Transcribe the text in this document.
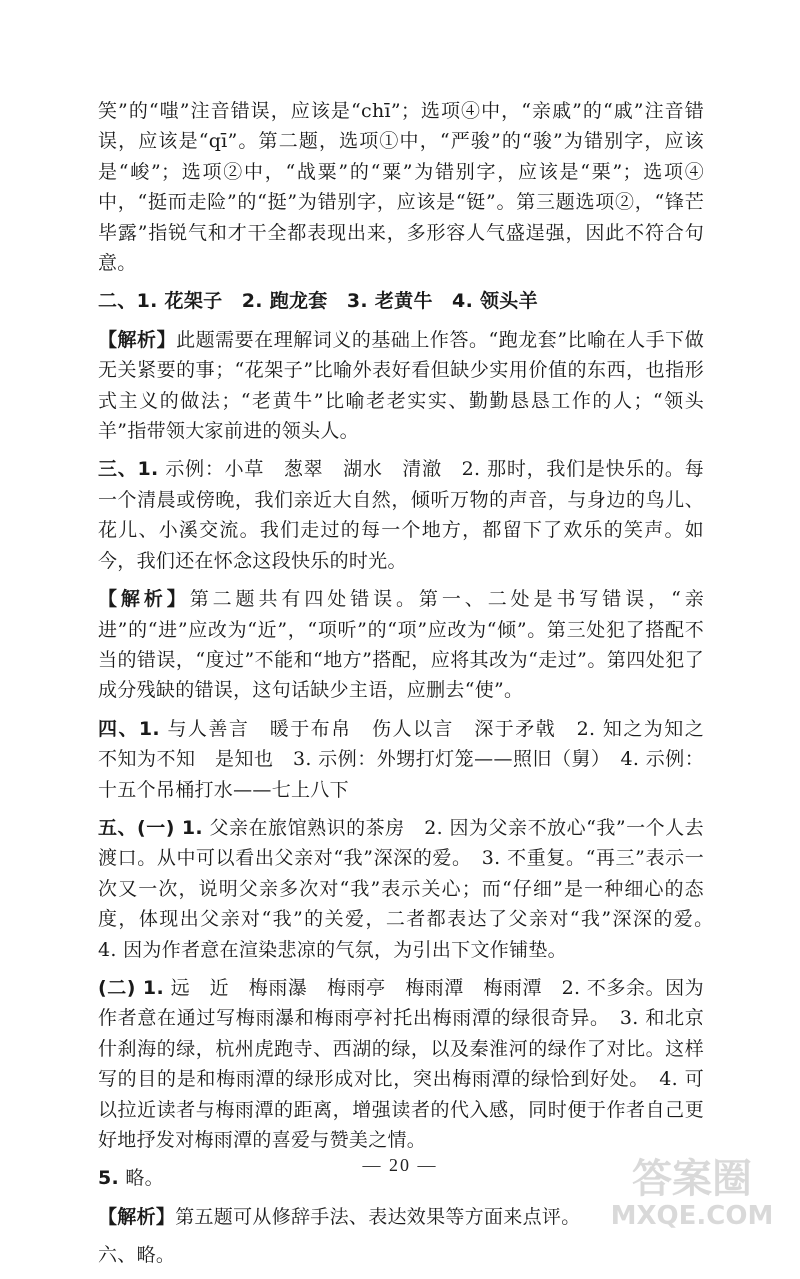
笑”的“嗤”注音错误，应该是“chī”；选项④中，“亲戚”的“戚”注音错误，应该是“qī”。第二题，选项①中，“严骏”的“骏”为错别字，应该是“峻”；选项②中，“战粟”的“粟”为错别字，应该是“栗”；选项④中，“挺而走险”的“挺”为错别字，应该是“铤”。第三题选项②，“锋芒毕露”指锐气和才干全都表现出来，多形容人气盛逞强，因此不符合句意。

二、1. 花架子　2. 跑龙套　3. 老黄牛　4. 领头羊

【解析】此题需要在理解词义的基础上作答。“跑龙套”比喻在人手下做无关紧要的事；“花架子”比喻外表好看但缺少实用价值的东西，也指形式主义的做法；“老黄牛”比喻老老实实、勤勤恳恳工作的人；“领头羊”指带领大家前进的领头人。

三、1. 示例：小草　葱翠　湖水　清澈　2. 那时，我们是快乐的。每一个清晨或傍晚，我们亲近大自然，倾听万物的声音，与身边的鸟儿、花儿、小溪交流。我们走过的每一个地方，都留下了欢乐的笑声。如今，我们还在怀念这段快乐的时光。

【解析】第二题共有四处错误。第一、二处是书写错误，“亲进”的“进”应改为“近”，“项听”的“项”应改为“倾”。第三处犯了搭配不当的错误，“度过”不能和“地方”搭配，应将其改为“走过”。第四处犯了成分残缺的错误，这句话缺少主语，应删去“使”。

四、1. 与人善言　暖于布帛　伤人以言　深于矛戟　2. 知之为知之　不知为不知　是知也　3. 示例：外甥打灯笼——照旧（舅）　4. 示例：十五个吊桶打水——七上八下

五、(一) 1. 父亲在旅馆熟识的茶房　2. 因为父亲不放心“我”一个人去渡口。从中可以看出父亲对“我”深深的爱。　3. 不重复。“再三”表示一次又一次，说明父亲多次对“我”表示关心；而“仔细”是一种细心的态度，体现出父亲对“我”的关爱，二者都表达了父亲对“我”深深的爱。　4. 因为作者意在渲染悲凉的气氛，为引出下文作铺垫。

(二) 1. 远　近　梅雨瀑　梅雨亭　梅雨潭　梅雨潭　2. 不多余。因为作者意在通过写梅雨瀑和梅雨亭衬托出梅雨潭的绿很奇异。　3. 和北京什刹海的绿，杭州虎跑寺、西湖的绿，以及秦淮河的绿作了对比。这样写的目的是和梅雨潭的绿形成对比，突出梅雨潭的绿恰到好处。　4. 可以拉近读者与梅雨潭的距离，增强读者的代入感，同时便于作者自己更好地抒发对梅雨潭的喜爱与赞美之情。

5. 略。

【解析】第五题可从修辞手法、表达效果等方面来点评。

六、略。

— 20 —	答案圈
MXQE.COM
